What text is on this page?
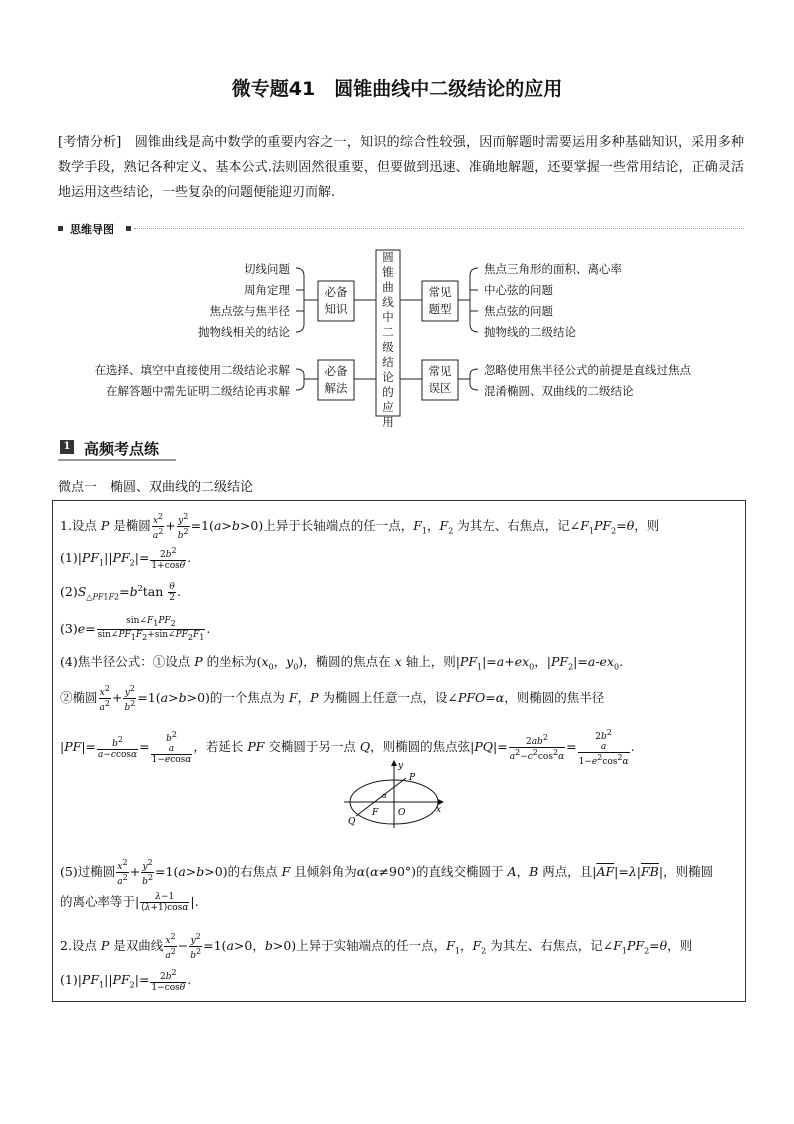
微专题41　圆锥曲线中二级结论的应用
[考情分析]　圆锥曲线是高中数学的重要内容之一，知识的综合性较强，因而解题时需要运用多种基础知识，采用多种数学手段，熟记各种定义、基本公式.法则固然很重要，但要做到迅速、准确地解题，还要掌握一些常用结论，正确灵活地运用这些结论，一些复杂的问题便能迎刃而解.
思维导图
切线问题
周角定理
焦点弦与焦半径
抛物线相关的结论
在选择、填空中直接使用二级结论求解
在解答题中需先证明二级结论再求解
必备知识
必备解法
圆
锥
曲
线
中
二
级
结
论
的
应
用
常见题型
常见误区
焦点三角形的面积、离心率
中心弦的问题
焦点弦的问题
抛物线的二级结论
忽略使用焦半径公式的前提是直线过焦点
混淆椭圆、双曲线的二级结论
1 高频考点练
微点一　椭圆、双曲线的二级结论
1.设点 P 是椭圆 $\frac{x^2}{a^2} + \frac{y^2}{b^2} =1(a>b>0)$上异于长轴端点的任一点，$F_1$，$F_2$ 为其左、右焦点，记$\angle F_1PF_2=\theta$，则
$(1)|PF_1||PF_2|= \frac{2b^2}{1+\cos\theta}$ .
$(2)S_{\triangle PF1F2}=b^2\tan \frac{\theta}{2}$ .
$(3)e= \frac{\sin\angle F_1PF_2}{\sin\angle PF_1F_2+\sin\angle PF_2F_1}$ .
(4)焦半径公式：①设点 P 的坐标为($x_0$，$y_0$)，椭圆的焦点在 x 轴上，则$|PF_1|=a+ex_0$，$|PF_2|=a-ex_0$.
②椭圆 $\frac{x^2}{a^2} + \frac{y^2}{b^2} =1(a>b>0)$的一个焦点为 F，P 为椭圆上任意一点，设∠PFO=α，则椭圆的焦半径
$|PF|= \frac{b^2}{a-ccos\alpha}$ =	$b^2$
a
1−ecosα
，若延长 PF 交椭圆于另一点 Q，则椭圆的焦点弦$|PQ|= \frac{2ab^2}{a^2-c^2\cos^2\alpha}$ =
$2b^2$
a
$1-e^2\cos^2\alpha$
.
y
x
P
F O
Q
α
(5)过椭圆 $\frac{x^2}{a^2} + \frac{y^2}{b^2} =1(a>b>0)$的右焦点 F 且倾斜角为α(α≠90°)的直线交椭圆于 A，B 两点，且$|\overline{AF}|=\lambda|\overline{FB}|$，则椭圆
的离心率等于| $\frac{\lambda-1}{(\lambda+1)\cos\alpha}$ |.
2.设点 P 是双曲线 $\frac{x^2}{a^2} - \frac{y^2}{b^2} =1(a>0$，b>0)上异于实轴端点的任一点，$F_1$，$F_2$ 为其左、右焦点，记$\angle F_1PF_2=\theta$，则
$(1)|PF_1||PF_2|= \frac{2b^2}{1-\cos\theta}$ .
